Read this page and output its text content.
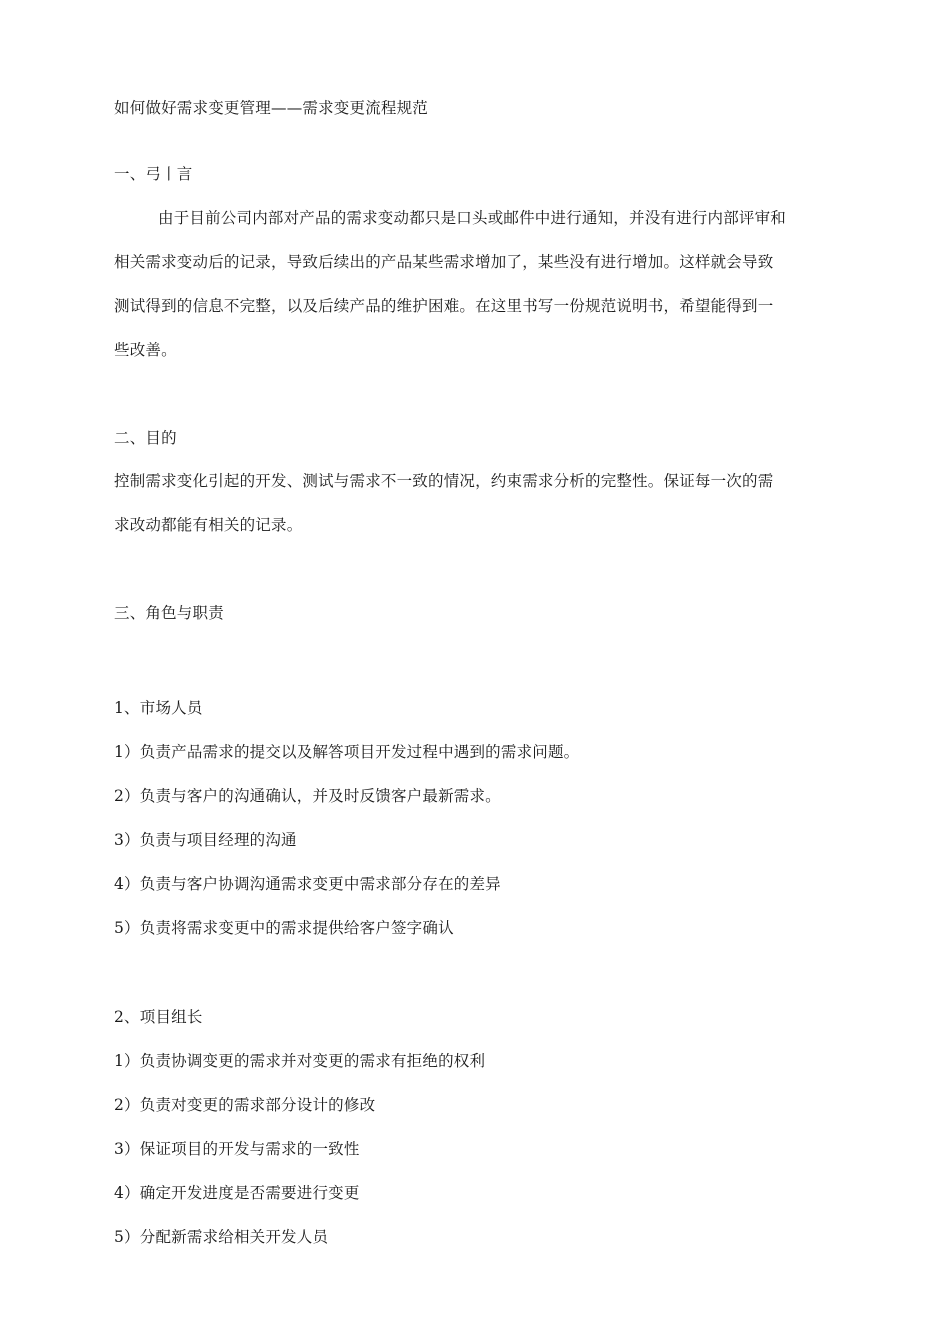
如何做好需求变更管理——需求变更流程规范
一、弓丨言
由于目前公司内部对产品的需求变动都只是口头或邮件中进行通知，并没有进行内部评审和
相关需求变动后的记录，导致后续出的产品某些需求增加了，某些没有进行增加。这样就会导致
测试得到的信息不完整，以及后续产品的维护困难。在这里书写一份规范说明书，希望能得到一
些改善。
二、目的
控制需求变化引起的开发、测试与需求不一致的情况，约束需求分析的完整性。保证每一次的需
求改动都能有相关的记录。
三、角色与职责
1、市场人员
1）负责产品需求的提交以及解答项目开发过程中遇到的需求问题。
2）负责与客户的沟通确认，并及时反馈客户最新需求。
3）负责与项目经理的沟通
4）负责与客户协调沟通需求变更中需求部分存在的差异
5）负责将需求变更中的需求提供给客户签字确认
2、项目组长
1）负责协调变更的需求并对变更的需求有拒绝的权利
2）负责对变更的需求部分设计的修改
3）保证项目的开发与需求的一致性
4）确定开发进度是否需要进行变更
5）分配新需求给相关开发人员
